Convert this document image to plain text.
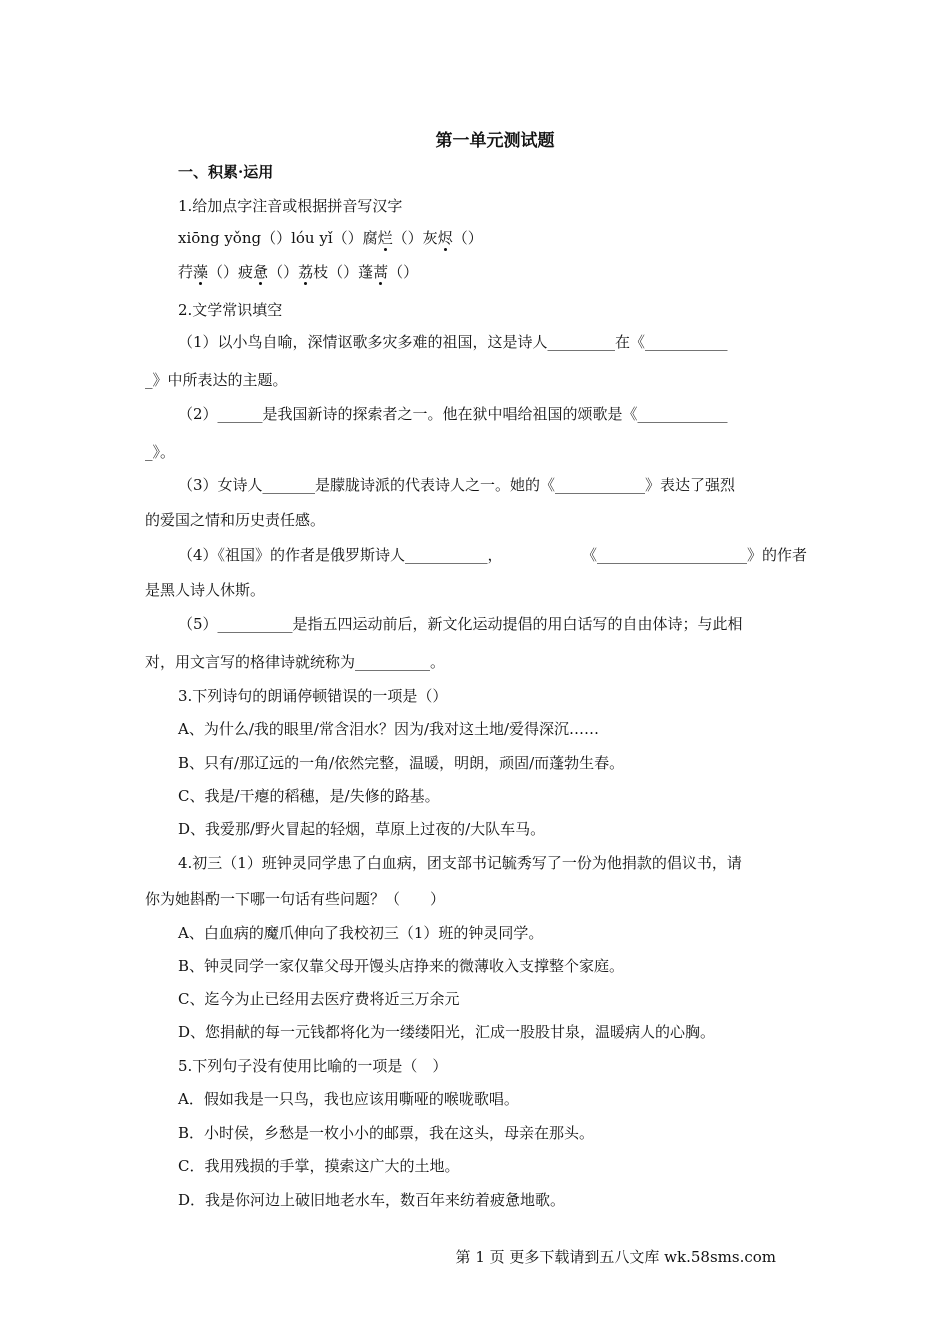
第一单元测试题
一、积累·运用
1.给加点字注音或根据拼音写汉字
xiōng yǒng（）lóu yǐ（）腐烂（）灰烬（）
荇藻（）疲惫（）荔枝（）蓬蒿（）
2.文学常识填空
（1）以小鸟自喻，深情讴歌多灾多难的祖国，这是诗人_________在《___________
_》中所表达的主题。
（2）______是我国新诗的探索者之一。他在狱中唱给祖国的颂歌是《____________
_》。
（3）女诗人_______是朦胧诗派的代表诗人之一。她的《____________》表达了强烈
的爱国之情和历史责任感。
（4）《祖国》的作者是俄罗斯诗人___________，	《____________________》的作者
是黑人诗人休斯。
（5）__________是指五四运动前后，新文化运动提倡的用白话写的自由体诗；与此相
对，用文言写的格律诗就统称为__________。
3.下列诗句的朗诵停顿错误的一项是（）
A、为什么/我的眼里/常含泪水？因为/我对这土地/爱得深沉……
B、只有/那辽远的一角/依然完整，温暖，明朗，顽固/而蓬勃生春。
C、我是/干瘪的稻穗，是/失修的路基。
D、我爱那/野火冒起的轻烟，草原上过夜的/大队车马。
4.初三（1）班钟灵同学患了白血病，团支部书记毓秀写了一份为他捐款的倡议书，请
你为她斟酌一下哪一句话有些问题？（　　）
A、白血病的魔爪伸向了我校初三（1）班的钟灵同学。
B、钟灵同学一家仅靠父母开馒头店挣来的微薄收入支撑整个家庭。
C、迄今为止已经用去医疗费将近三万余元
D、您捐献的每一元钱都将化为一缕缕阳光，汇成一股股甘泉，温暖病人的心胸。
5.下列句子没有使用比喻的一项是（　）
A．假如我是一只鸟，我也应该用嘶哑的喉咙歌唱。
B．小时侯，乡愁是一枚小小的邮票，我在这头，母亲在那头。
C．我用残损的手掌，摸索这广大的土地。
D．我是你河边上破旧地老水车，数百年来纺着疲惫地歌。
第 1 页 更多下载请到五八文库 wk.58sms.com
